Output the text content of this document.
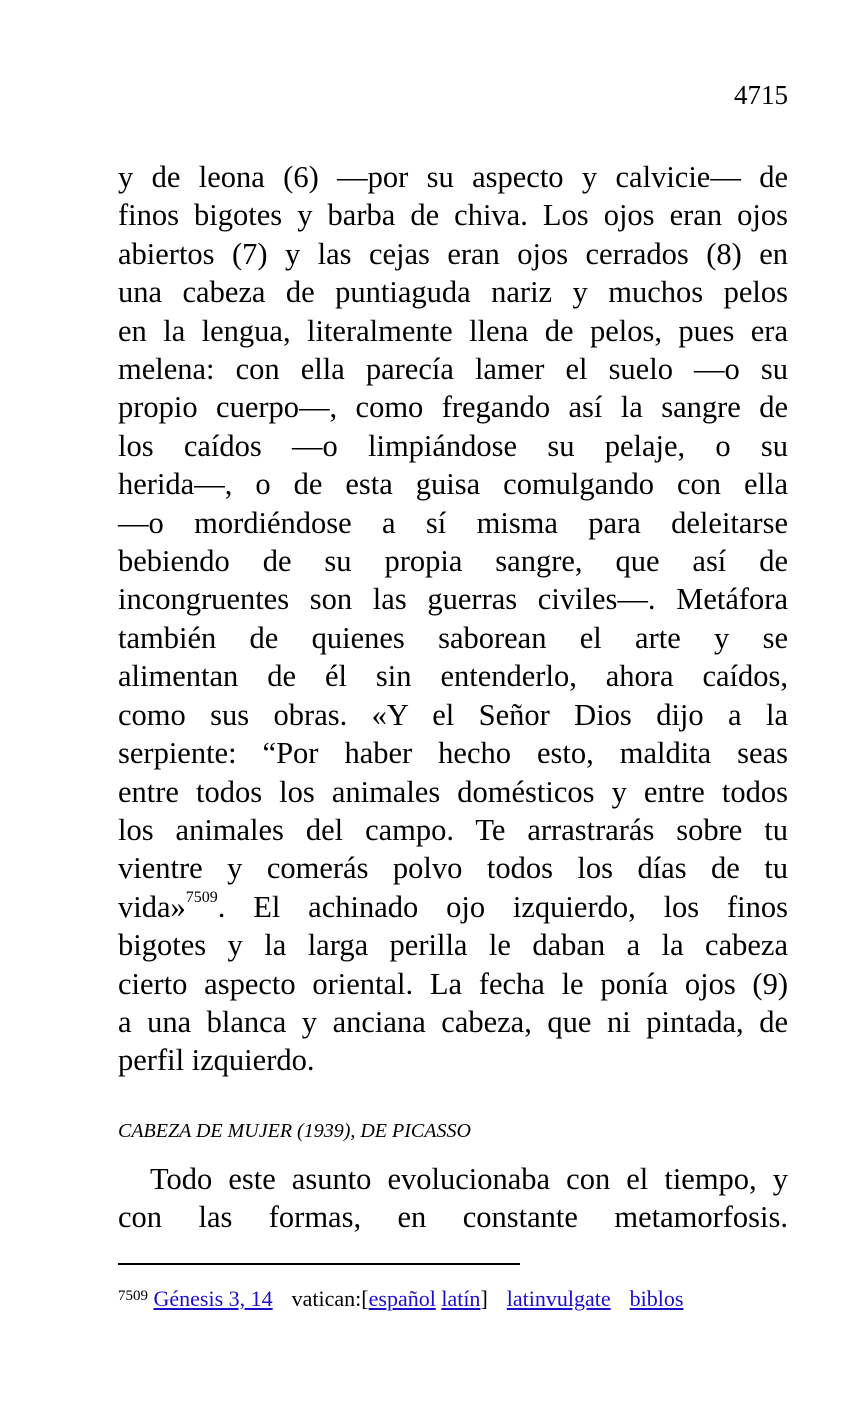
4715
y de leona (6) —por su aspecto y calvicie— de
finos bigotes y barba de chiva. Los ojos eran ojos
abiertos (7) y las cejas eran ojos cerrados (8) en
una cabeza de puntiaguda nariz y muchos pelos
en la lengua, literalmente llena de pelos, pues era
melena: con ella parecía lamer el suelo —o su
propio cuerpo—, como fregando así la sangre de
los caídos —o limpiándose su pelaje, o su
herida—, o de esta guisa comulgando con ella
—o mordiéndose a sí misma para deleitarse
bebiendo de su propia sangre, que así de
incongruentes son las guerras civiles—. Metáfora
también de quienes saborean el arte y se
alimentan de él sin entenderlo, ahora caídos,
como sus obras. «Y el Señor Dios dijo a la
serpiente: “Por haber hecho esto, maldita seas
entre todos los animales domésticos y entre todos
los animales del campo. Te arrastrarás sobre tu
vientre y comerás polvo todos los días de tu
vida»$^{7509}$. El achinado ojo izquierdo, los finos
bigotes y la larga perilla le daban a la cabeza
cierto aspecto oriental. La fecha le ponía ojos (9)
a una blanca y anciana cabeza, que ni pintada, de
perfil izquierdo.
CABEZA DE MUJER (1939), DE PICASSO
Todo este asunto evolucionaba con el tiempo, y
con las formas, en constante metamorfosis.
$^{7509}$ Génesis 3, 14 vatican:[español latín] latinvulgate biblos
